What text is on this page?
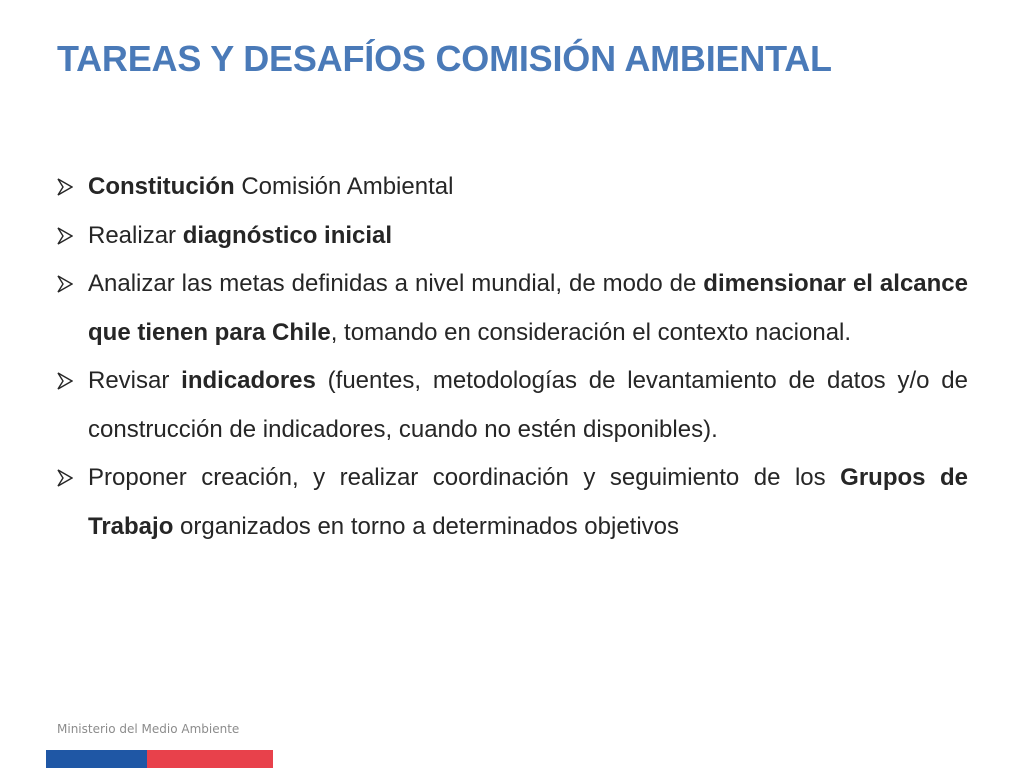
TAREAS Y DESAFÍOS COMISIÓN AMBIENTAL
Constitución Comisión Ambiental
Realizar diagnóstico inicial
Analizar las metas definidas a nivel mundial, de modo de dimensionar el alcance que tienen para Chile, tomando en consideración el contexto nacional.
Revisar indicadores (fuentes, metodologías de levantamiento de datos y/o de construcción de indicadores, cuando no estén disponibles).
Proponer creación, y realizar coordinación y seguimiento de los Grupos de Trabajo organizados en torno a determinados objetivos
Ministerio del Medio Ambiente
